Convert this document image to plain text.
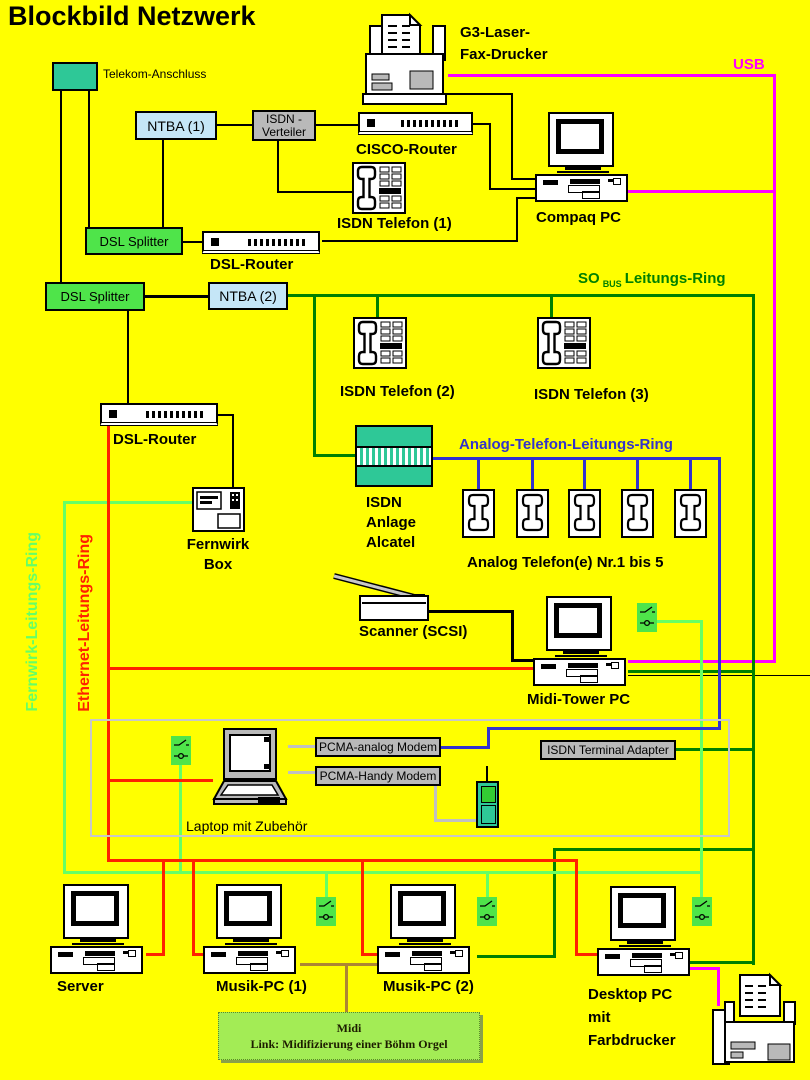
Blockbild Netzwerk
Telekom-Anschluss
NTBA (1)	ISDN -
Verteiler
DSL Splitter
DSL Splitter	NTBA (2)
G3-Laser-
Fax-Drucker
USB
CISCO-Router
ISDN Telefon (1)	Compaq PC
DSL-Router
SO $_{BUS}$ Leitungs-Ring
ISDN Telefon (2)	ISDN Telefon (3)
DSL-Router
ISDN
Anlage
Alcatel
Analog-Telefon-Leitungs-Ring
Analog Telefon(e) Nr.1 bis 5
Fernwirk
Box
Fernwirk-Leitungs-Ring Ethernet-Leitungs-Ring	Scanner (SCSI)
Midi-Tower PC
Laptop mit Zubehör
PCMA-analog Modem
PCMA-Handy Modem
ISDN Terminal Adapter
Server	Musik-PC (1)	Musik-PC (2)	Desktop PC
mit
Farbdrucker
Midi
Link: Midifizierung einer Böhm Orgel
